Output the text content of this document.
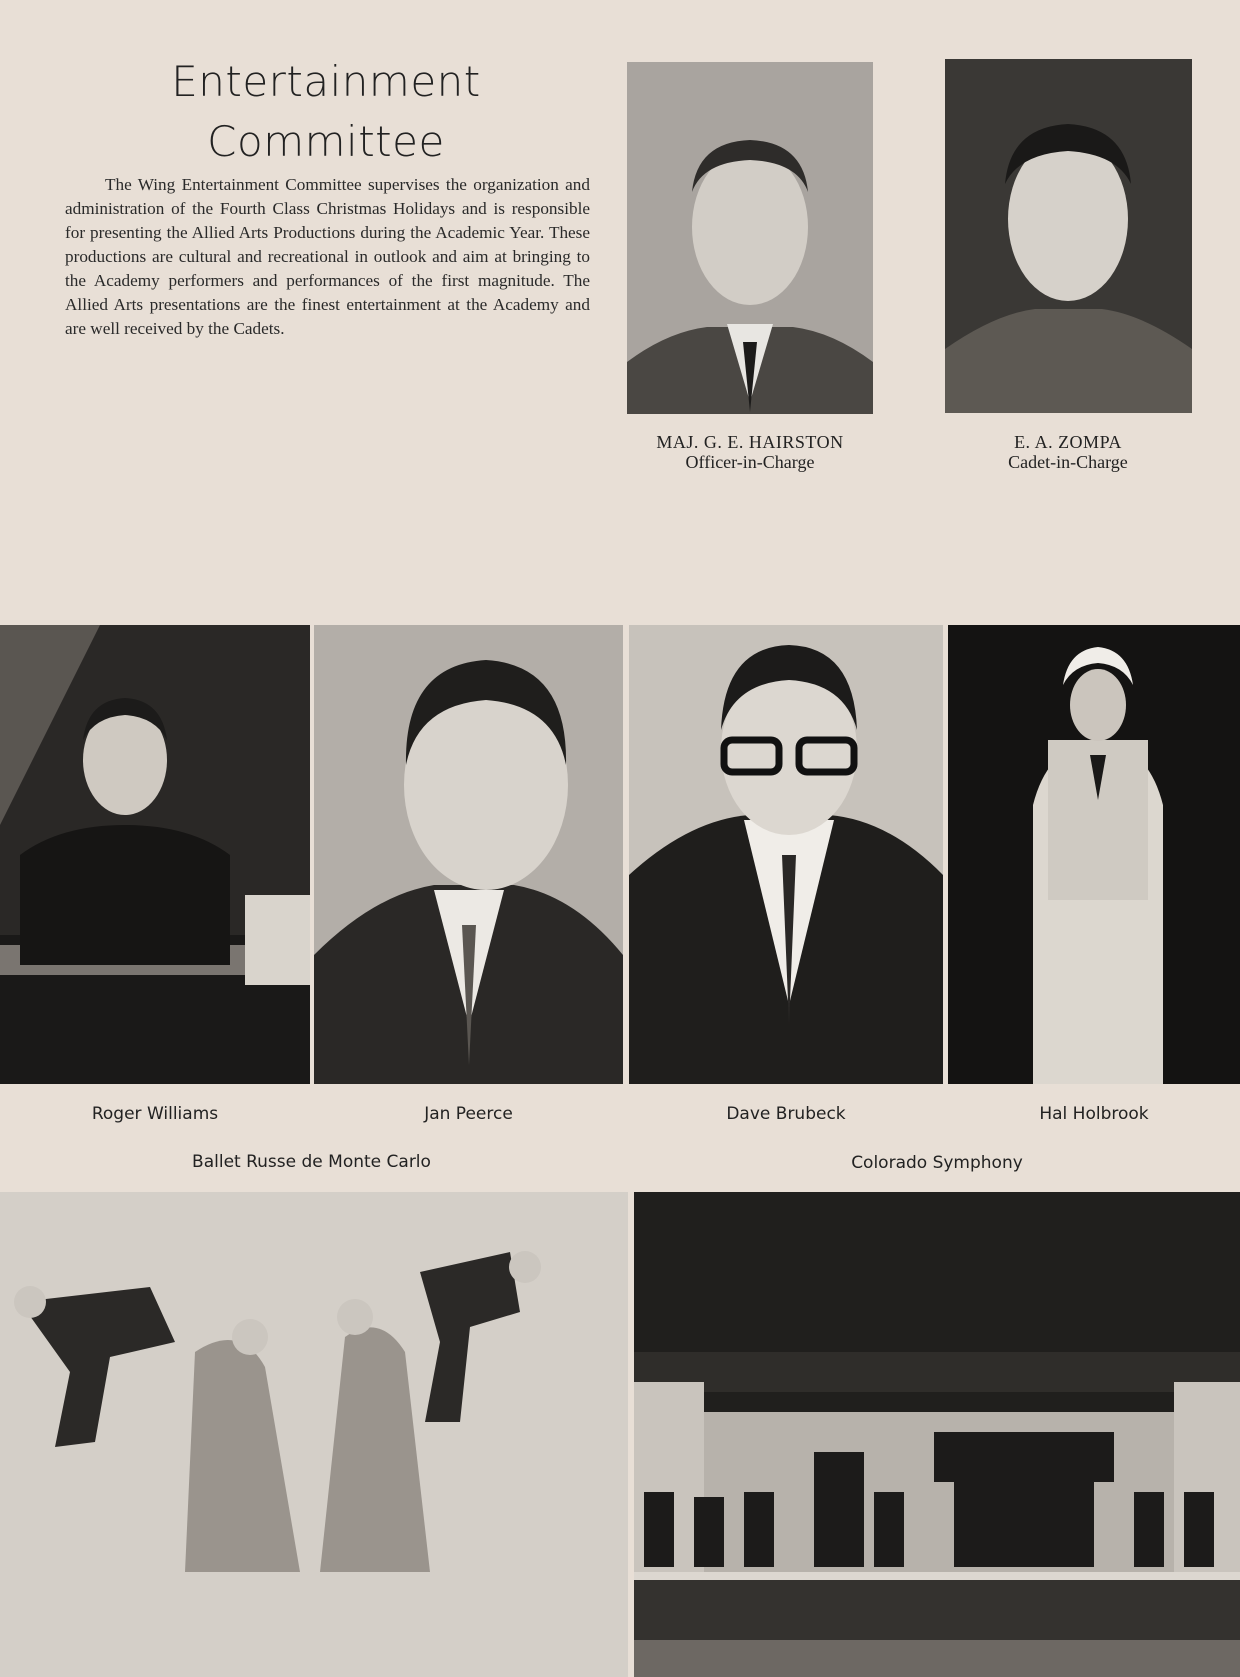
Entertainment
Committee

The Wing Entertainment Committee supervises the organization and administration of the Fourth Class Christmas Holidays and is responsible for presenting the Allied Arts Productions during the Academic Year. These productions are cultural and recreational in outlook and aim at bringing to the Academy performers and performances of the first magnitude. The Allied Arts presentations are the finest entertainment at the Academy and are well received by the Cadets.

MAJ. G. E. HAIRSTON
Officer-in-Charge
E. A. ZOMPA
Cadet-in-Charge
Roger Williams	Jan Peerce	Dave Brubeck	Hal Holbrook
Ballet Russe de Monte Carlo	Colorado Symphony
